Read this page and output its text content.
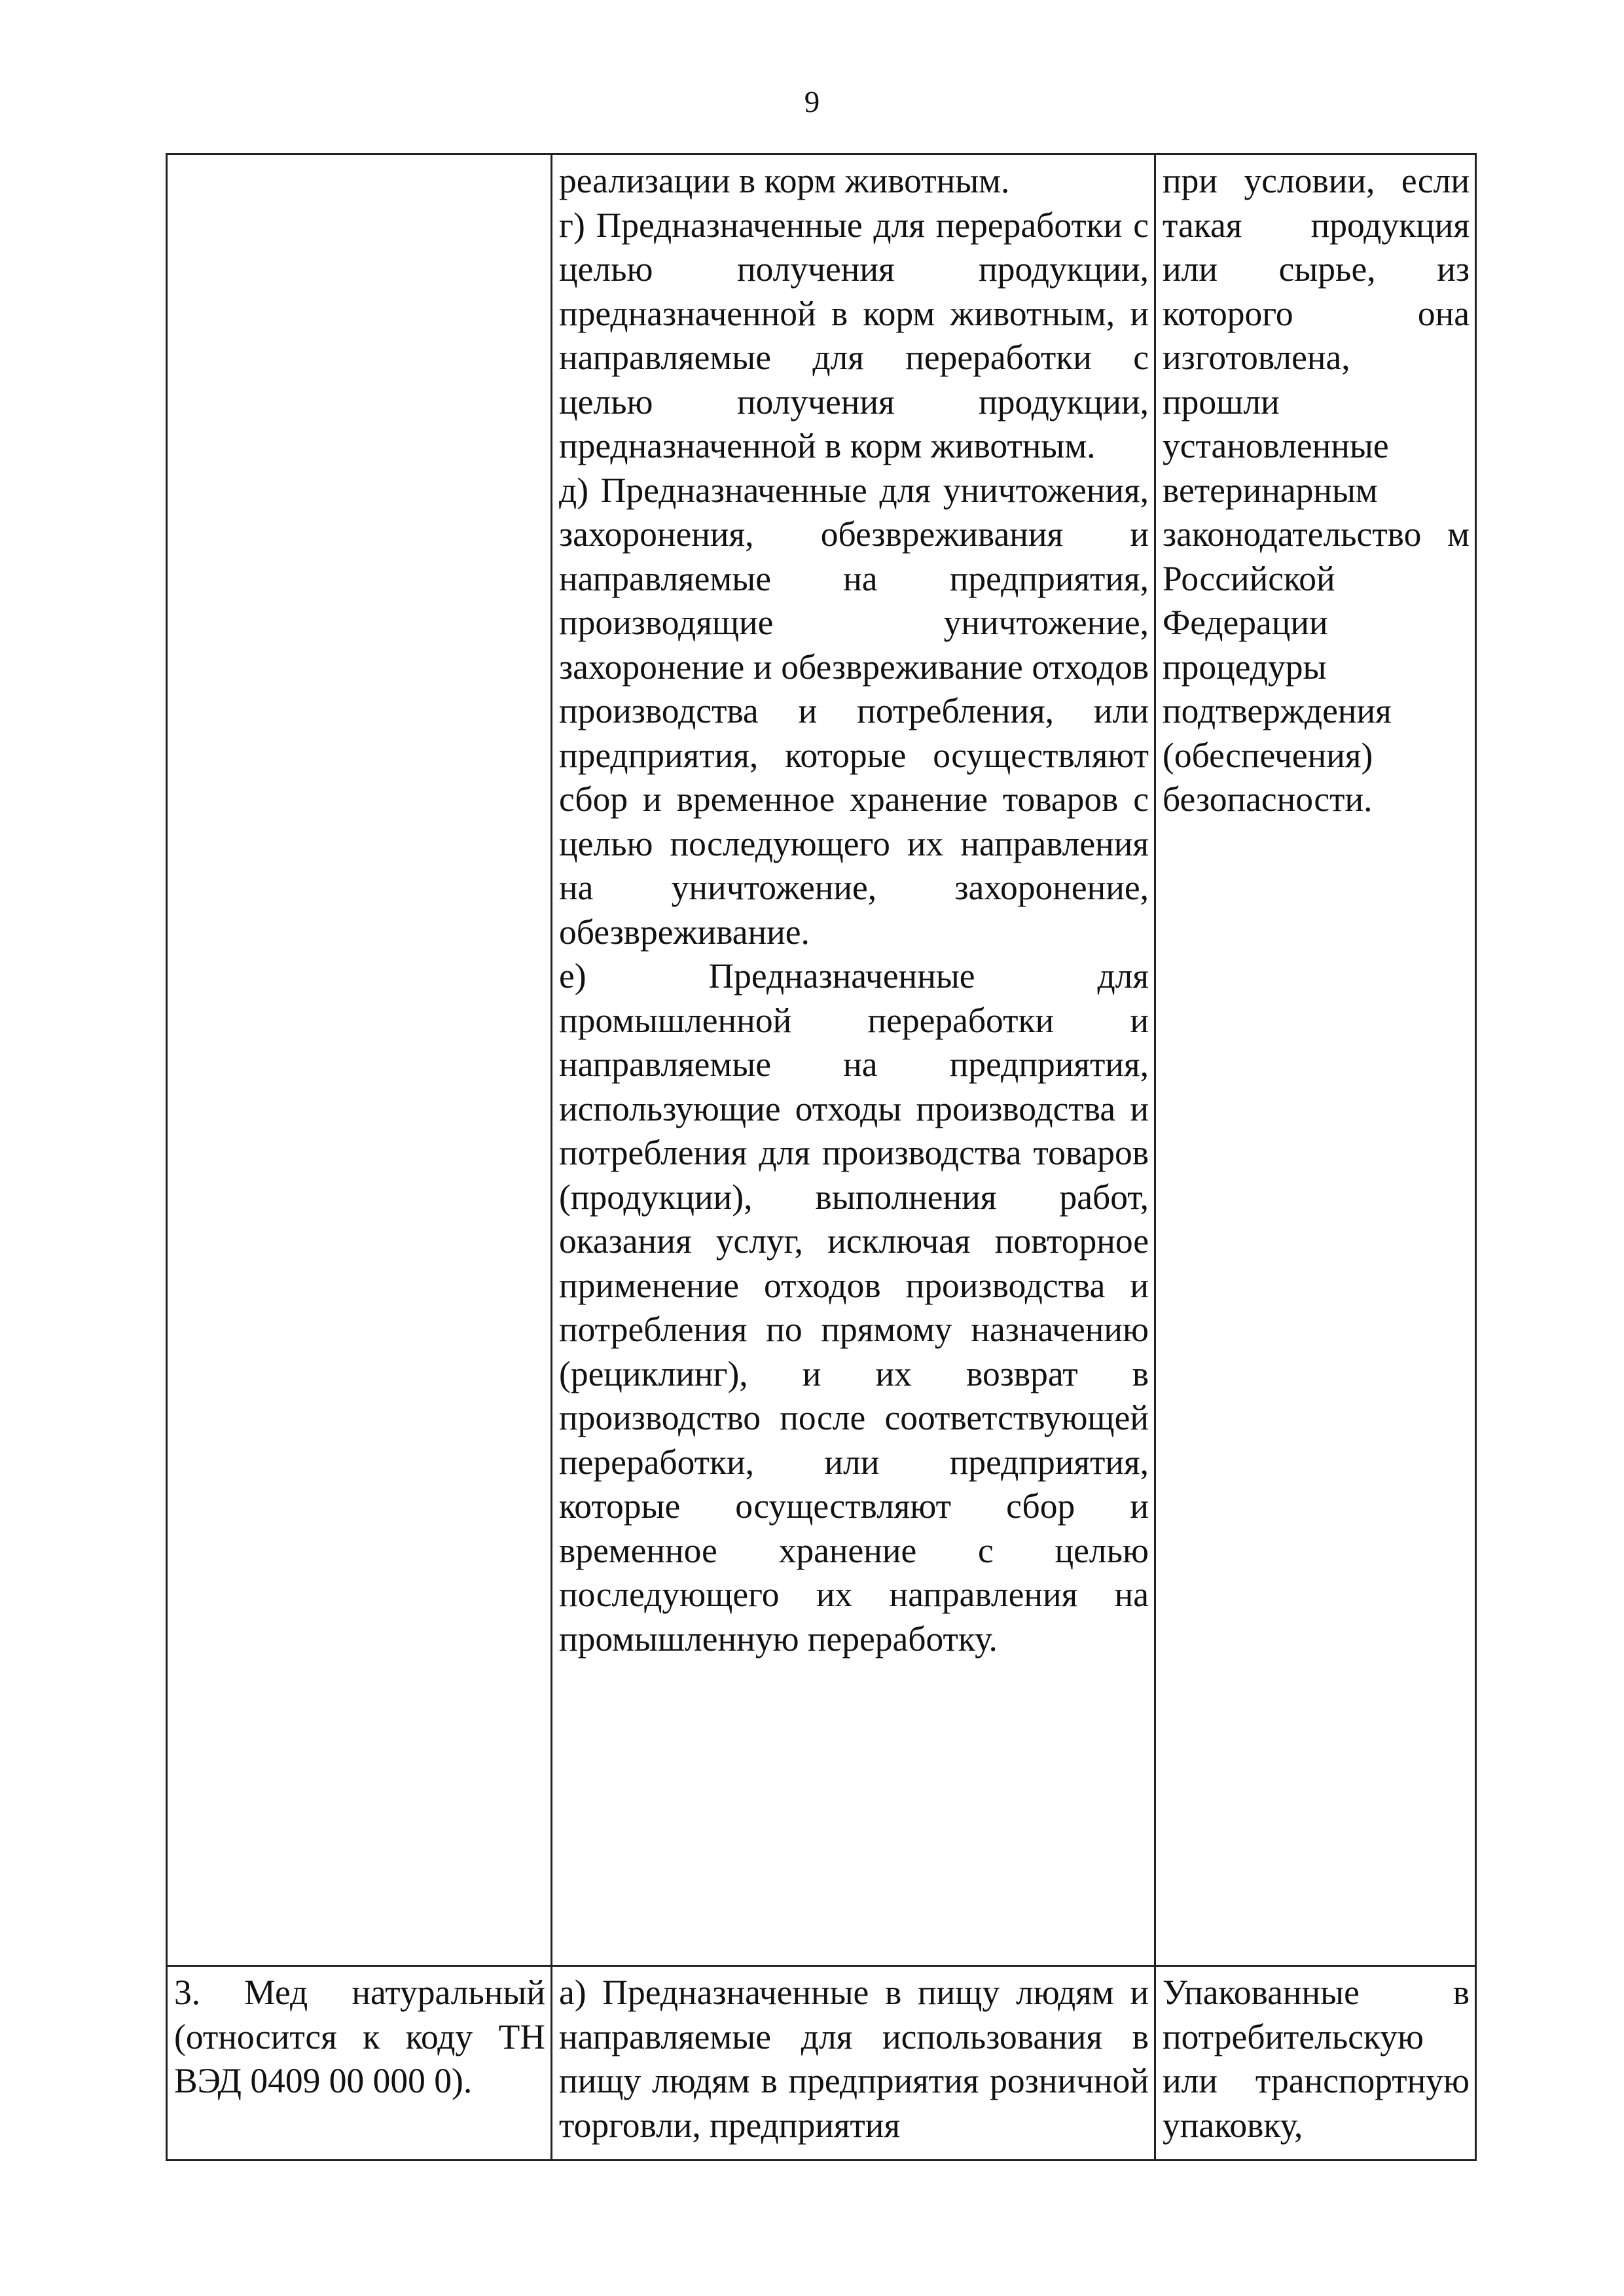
9

	реализации в корм животным.
г) Предназначенные для переработки с целью получения продукции, предназначенной в корм животным, и направляемые для переработки с целью получения продукции, предназначенной в корм животным.
д) Предназначенные для уничтожения, захоронения, обезвреживания и направляемые на предприятия, производящие уничтожение, захоронение и обезвреживание отходов производства и потребления, или предприятия, которые осуществляют сбор и временное хранение товаров с целью последующего их направления на уничтожение, захоронение, обезвреживание.
е) Предназначенные для промышленной переработки и направляемые на предприятия, использующие отходы производства и потребления для производства товаров (продукции), выполнения работ, оказания услуг, исключая повторное применение отходов производства и потребления по прямому назначению (рециклинг), и их возврат в производство после соответствующей переработки, или предприятия, которые осуществляют сбор и временное хранение с целью последующего их направления на промышленную переработку.	при условии, если такая продукция или сырье, из которого она изготовлена, прошли установленные ветеринарным законодательство м Российской Федерации процедуры подтверждения (обеспечения) безопасности.

3. Мед натуральный (относится к коду ТН ВЭД 0409 00 000 0).	а) Предназначенные в пищу людям и направляемые для использования в пищу людям в предприятия розничной торговли, предприятия	Упакованные в потребительскую или транспортную упаковку,
